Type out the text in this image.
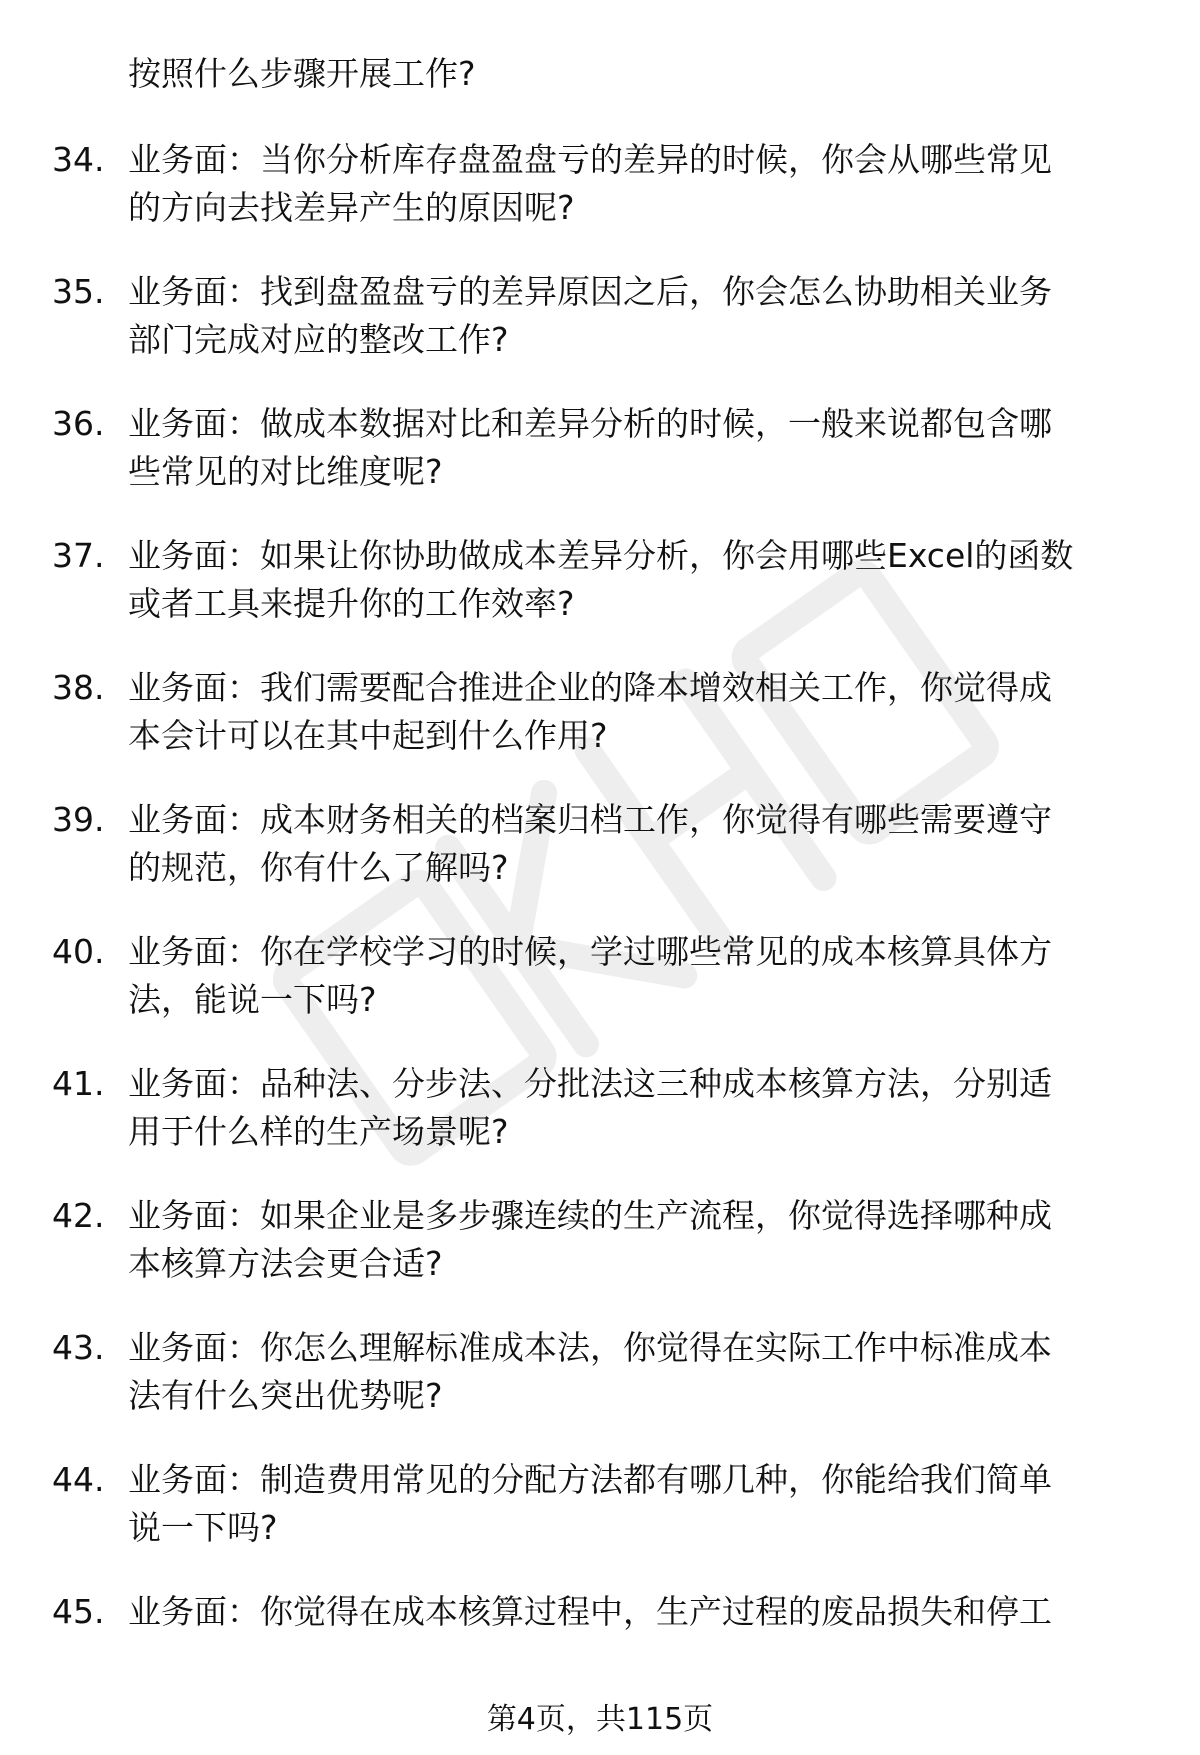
按照什么步骤开展工作?
34. 业务面：当你分析库存盘盈盘亏的差异的时候，你会从哪些常见
的方向去找差异产生的原因呢?
35. 业务面：找到盘盈盘亏的差异原因之后，你会怎么协助相关业务
部门完成对应的整改工作?
36. 业务面：做成本数据对比和差异分析的时候，一般来说都包含哪
些常见的对比维度呢?
37. 业务面：如果让你协助做成本差异分析，你会用哪些Excel的函数
或者工具来提升你的工作效率?
38. 业务面：我们需要配合推进企业的降本增效相关工作，你觉得成
本会计可以在其中起到什么作用?
39. 业务面：成本财务相关的档案归档工作，你觉得有哪些需要遵守
的规范，你有什么了解吗?
40. 业务面：你在学校学习的时候，学过哪些常见的成本核算具体方
法，能说一下吗?
41. 业务面：品种法、分步法、分批法这三种成本核算方法，分别适
用于什么样的生产场景呢?
42. 业务面：如果企业是多步骤连续的生产流程，你觉得选择哪种成
本核算方法会更合适?
43. 业务面：你怎么理解标准成本法，你觉得在实际工作中标准成本
法有什么突出优势呢?
44. 业务面：制造费用常见的分配方法都有哪几种，你能给我们简单
说一下吗?
45. 业务面：你觉得在成本核算过程中，生产过程的废品损失和停工
第4页，共115页
